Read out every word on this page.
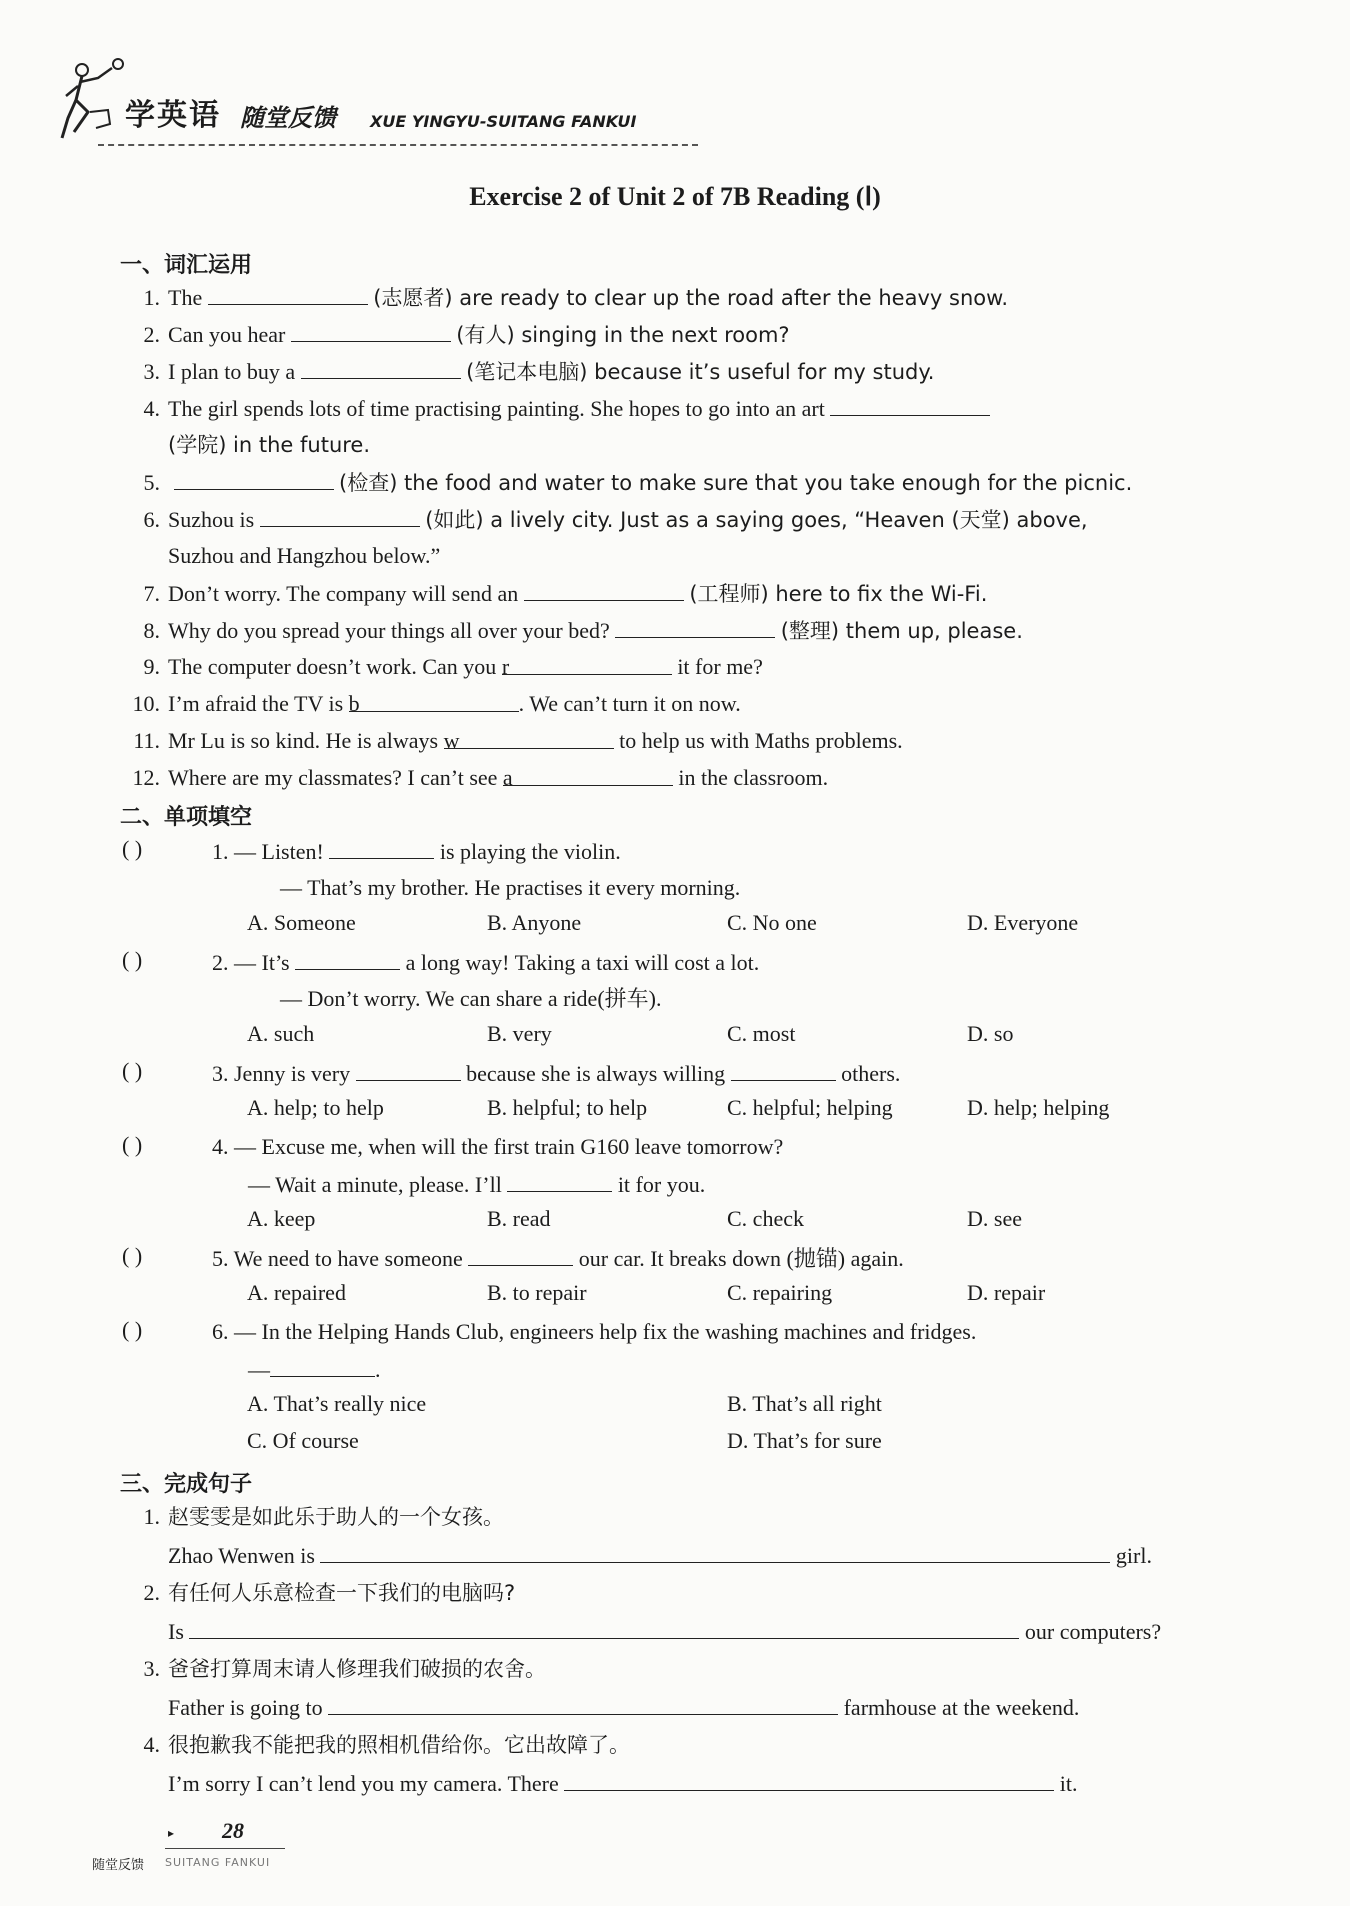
学英语 随堂反馈 XUE YINGYU-SUITANG FANKUI
Exercise 2 of Unit 2 of 7B Reading (Ⅰ)
一、词汇运用
1. The	(志愿者) are ready to clear up the road after the heavy snow.
2. Can you hear	(有人) singing in the next room?
3. I plan to buy a	(笔记本电脑) because it’s useful for my study.
4. The girl spends lots of time practising painting. She hopes to go into an art
(学院) in the future.
5.	(检查) the food and water to make sure that you take enough for the picnic.
6. Suzhou is	(如此) a lively city. Just as a saying goes, “Heaven (天堂) above,
Suzhou and Hangzhou below.”
7. Don’t worry. The company will send an	(工程师) here to fix the Wi-Fi.
8. Why do you spread your things all over your bed?	(整理) them up, please.
9. The computer doesn’t work. Can you r	it for me?
10. I’m afraid the TV is b	. We can’t turn it on now.
11. Mr Lu is so kind. He is always w	to help us with Maths problems.
12. Where are my classmates? I can’t see a	in the classroom.
二、单项填空
( )	1. — Listen!	is playing the violin.
— That’s my brother. He practises it every morning.
A. Someone	B. Anyone	C. No one	D. Everyone
( )	2. — It’s	a long way! Taking a taxi will cost a lot.
— Don’t worry. We can share a ride(拼车).
A. such	B. very	C. most	D. so
( )	3. Jenny is very	because she is always willing	others.
A. help; to help	B. helpful; to help	C. helpful; helping	D. help; helping
( )	4. — Excuse me, when will the first train G160 leave tomorrow?
— Wait a minute, please. I’ll	it for you.
A. keep	B. read	C. check	D. see
( )	5. We need to have someone	our car. It breaks down (抛锚) again.
A. repaired	B. to repair	C. repairing	D. repair
( )	6. — In the Helping Hands Club, engineers help fix the washing machines and fridges.
—	.
A. That’s really nice	B. That’s all right
C. Of course	D. That’s for sure
三、完成句子
1. 赵雯雯是如此乐于助人的一个女孩。
Zhao Wenwen is	girl.
2. 有任何人乐意检查一下我们的电脑吗?
Is	our computers?
3. 爸爸打算周末请人修理我们破损的农舍。
Father is going to	farmhouse at the weekend.
4. 很抱歉我不能把我的照相机借给你。它出故障了。
I’m sorry I can’t lend you my camera. There	it.
▸ 28
随堂反馈 SUITANG FANKUI
